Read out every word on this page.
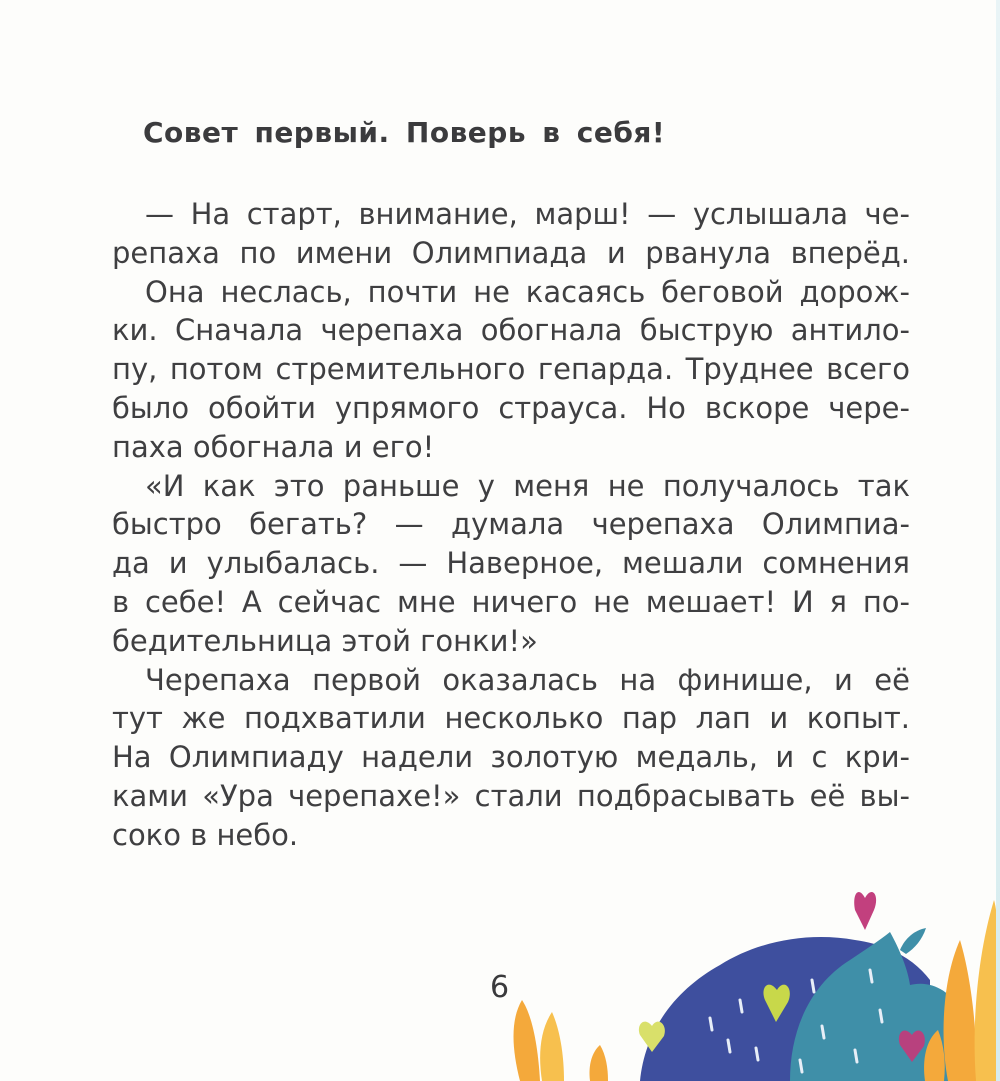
Совет первый. Поверь в себя!
— На старт, внимание, марш! — услышала че-
репаха по имени Олимпиада и рванула вперёд.
Она неслась, почти не касаясь беговой дорож-
ки. Сначала черепаха обогнала быструю антило-
пу, потом стремительного гепарда. Труднее всего
было обойти упрямого страуса. Но вскоре чере-
паха обогнала и его!
«И как это раньше у меня не получалось так
быстро бегать? — думала черепаха Олимпиа-
да и улыбалась. — Наверное, мешали сомнения
в себе! А сейчас мне ничего не мешает! И я по-
бедительница этой гонки!»
Черепаха первой оказалась на финише, и её
тут же подхватили несколько пар лап и копыт.
На Олимпиаду надели золотую медаль, и с кри-
ками «Ура черепахе!» стали подбрасывать её вы-
соко в небо.
6
